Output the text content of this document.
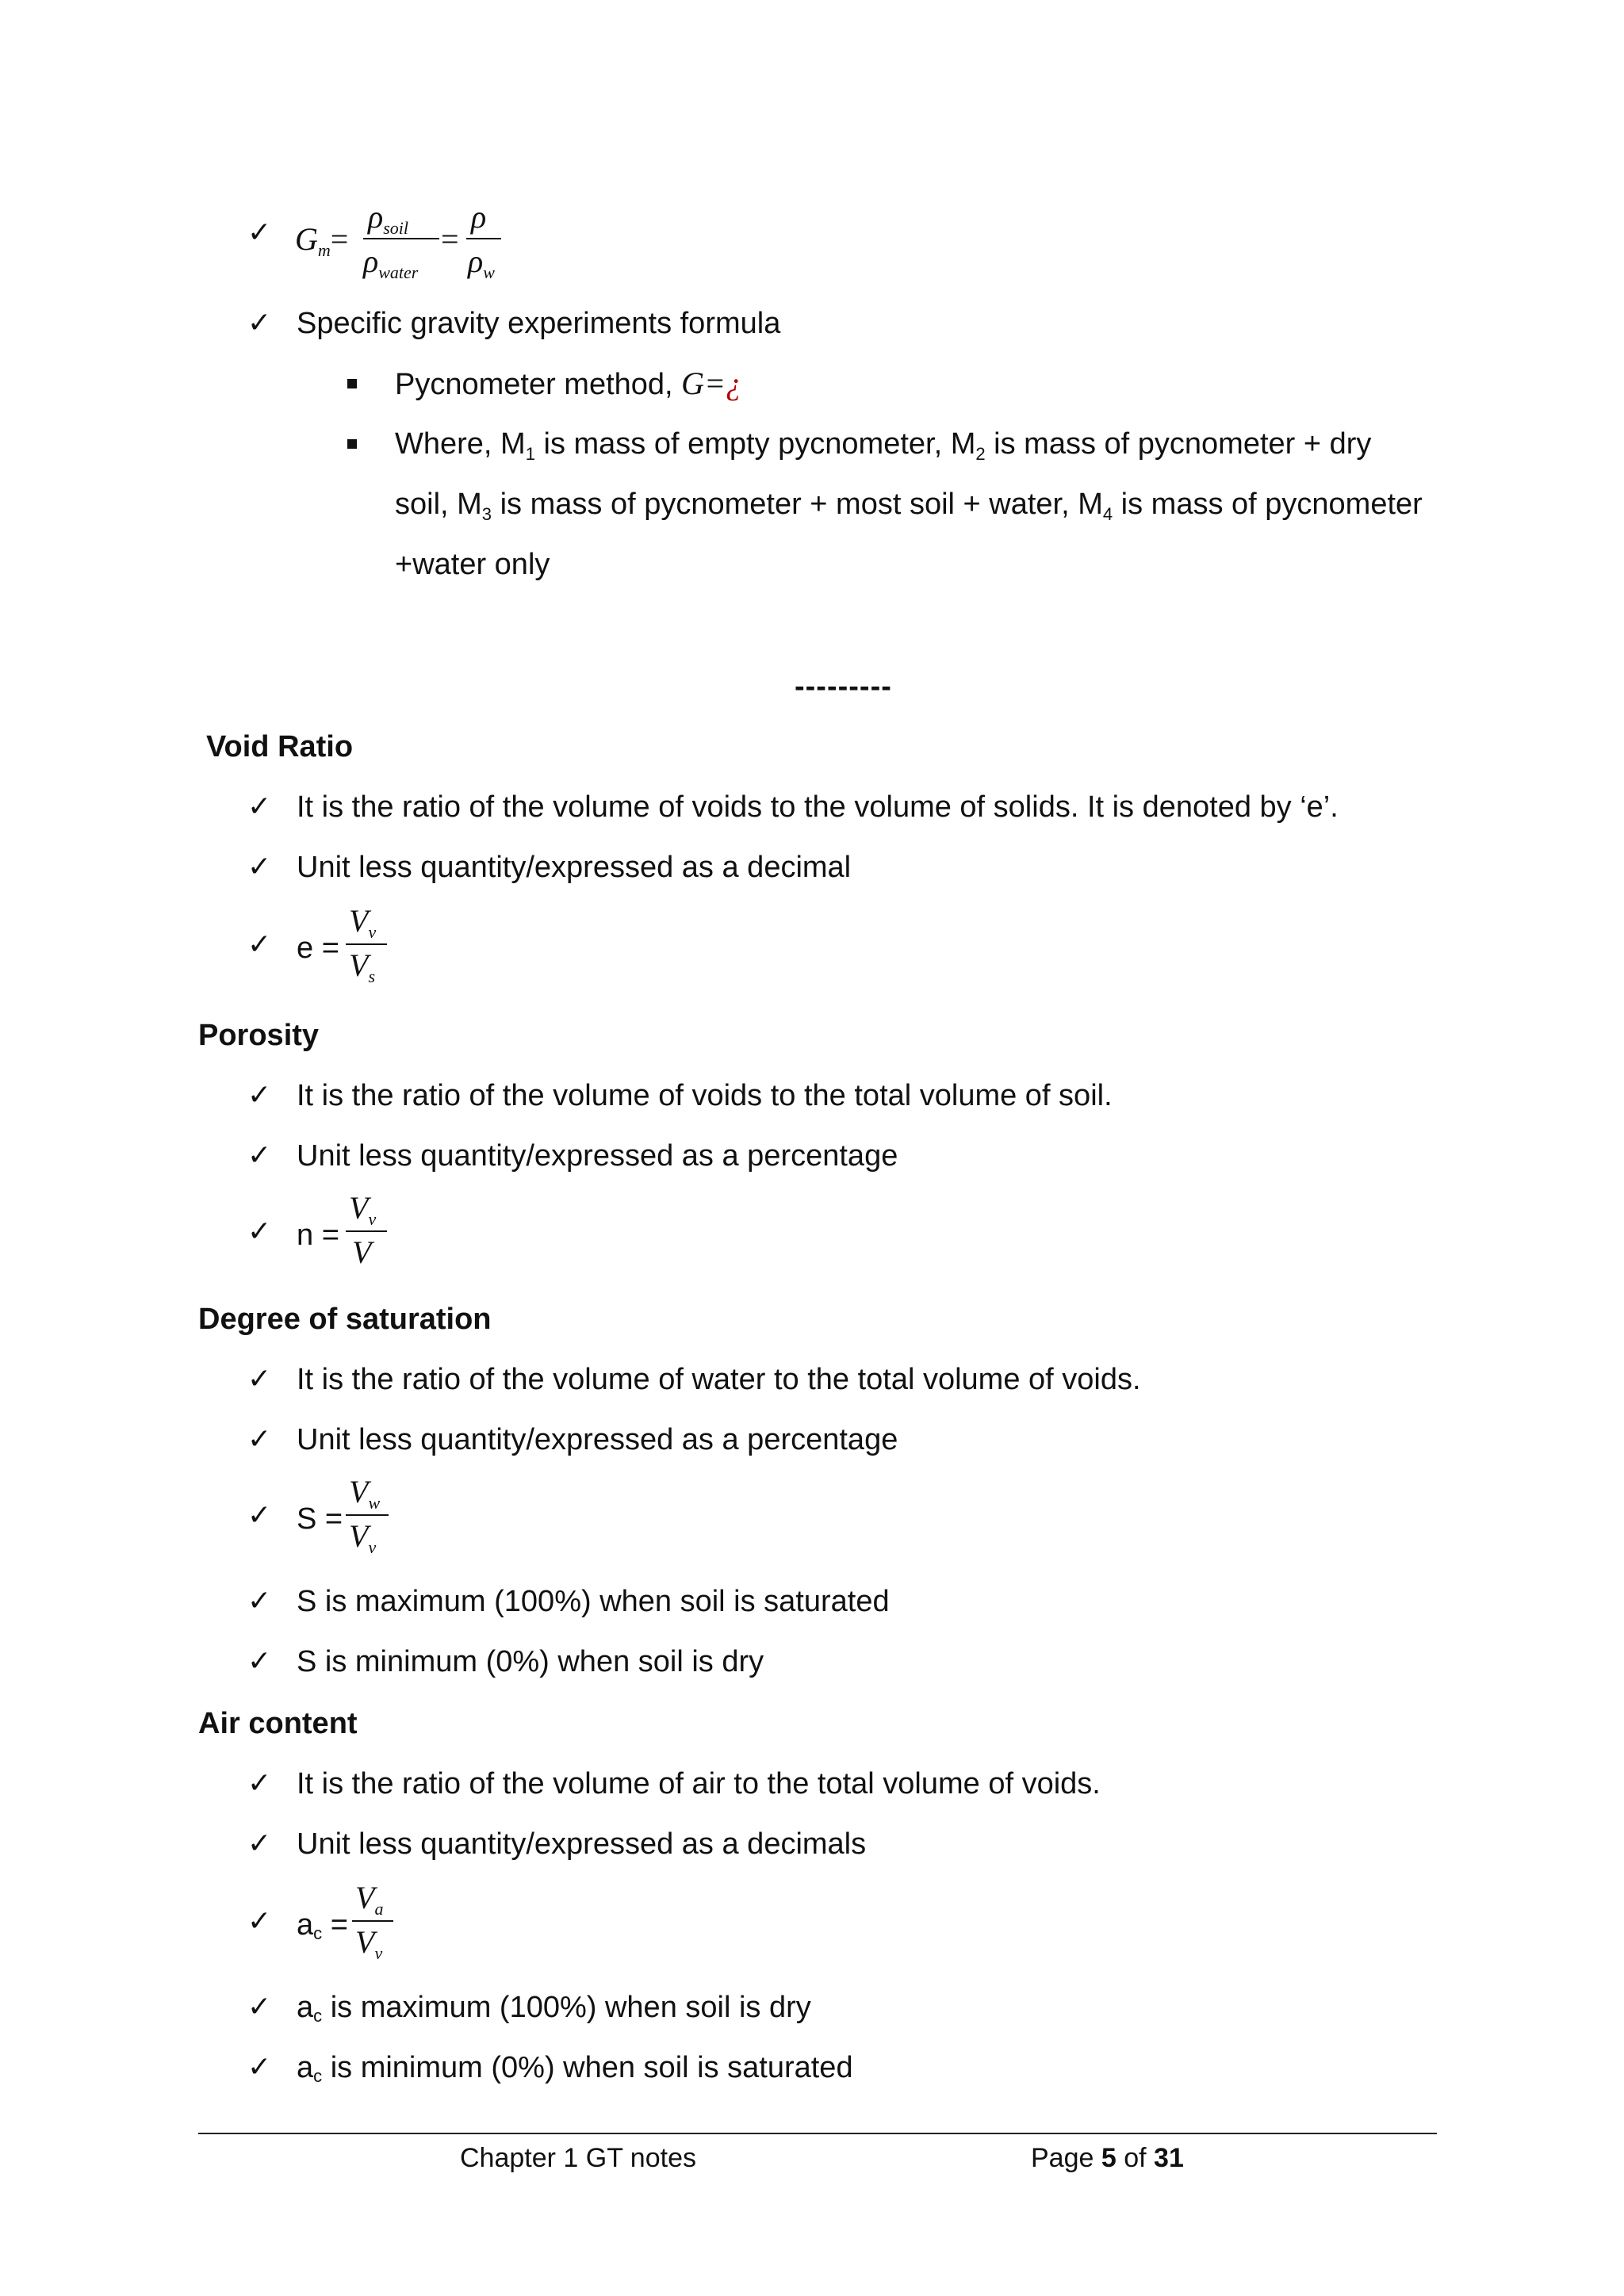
✓ $G_m=$
$\rho_{soil}$
$\rho_{water}$
=
ρ
$\rho_w$
✓ Specific gravity experiments formula
Pycnometer method, G=¿
Where, $M_1$ is mass of empty pycnometer, $M_2$ is mass of pycnometer + dry
soil, $M_3$ is mass of pycnometer + most soil + water, $M_4$ is mass of pycnometer
+water only
---------
Void Ratio
✓ It is the ratio of the volume of voids to the volume of solids. It is denoted by ‘e’.
✓ Unit less quantity/expressed as a decimal
✓ e =
$V_v$
$V_s$
Porosity
✓ It is the ratio of the volume of voids to the total volume of soil.
✓ Unit less quantity/expressed as a percentage
✓ n =
$V_v$
V
Degree of saturation
✓ It is the ratio of the volume of water to the total volume of voids.
✓ Unit less quantity/expressed as a percentage
✓ S =
$V_w$
$V_v$
✓ S is maximum (100%) when soil is saturated
✓ S is minimum (0%) when soil is dry
Air content
✓ It is the ratio of the volume of air to the total volume of voids.
✓ Unit less quantity/expressed as a decimals
✓ ac =
$V_a$
$V_v$
✓ ac is maximum (100%) when soil is dry
✓ ac is minimum (0%) when soil is saturated
Chapter 1 GT notes	Page 5 of 31
